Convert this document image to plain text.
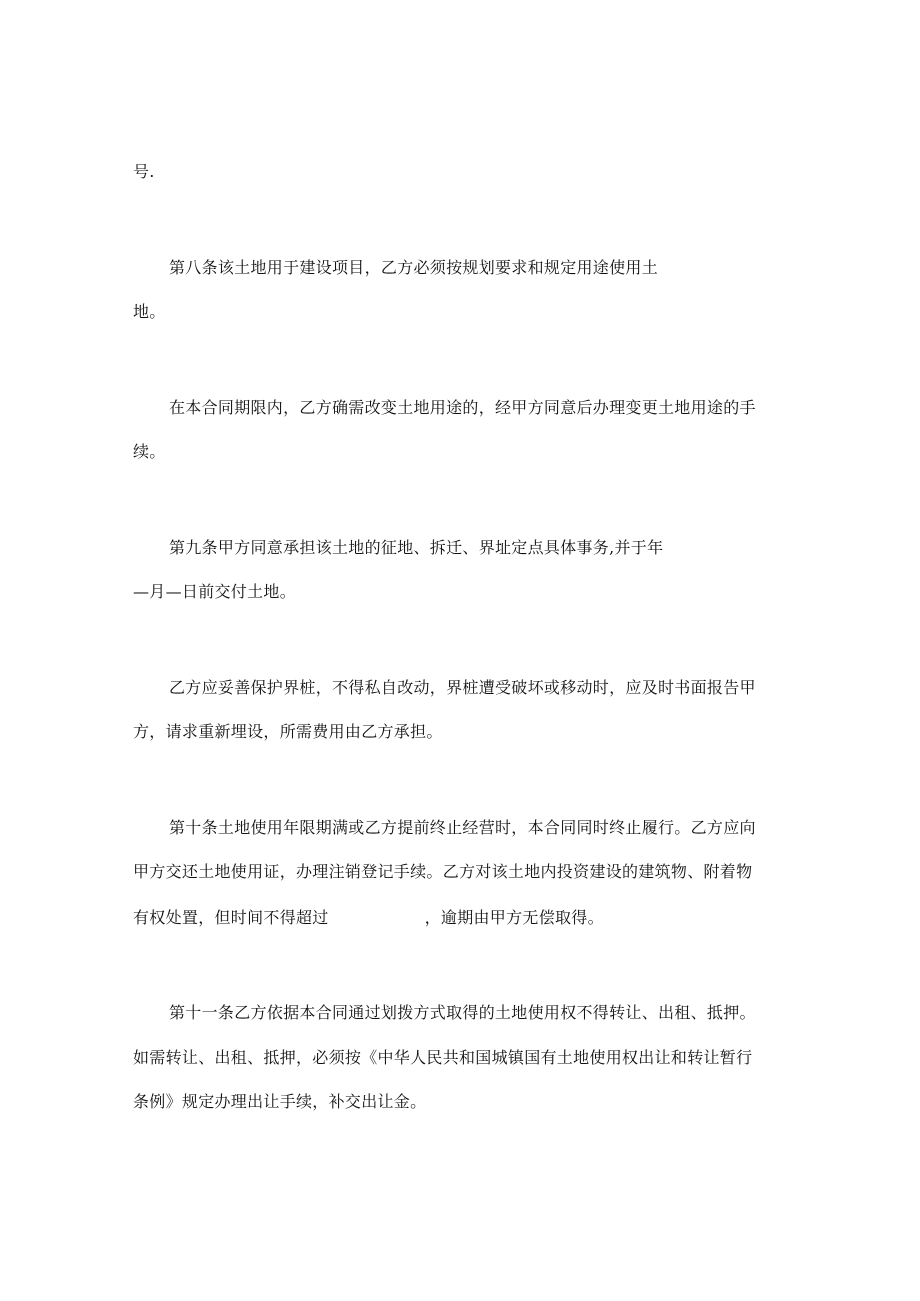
号.
第八条该土地用于建设项目，乙方必须按规划要求和规定用途使用土
地。
在本合同期限内，乙方确需改变土地用途的，经甲方同意后办理变更土地用途的手
续。
第九条甲方同意承担该土地的征地、拆迁、界址定点具体事务,并于年
—月—日前交付土地。
乙方应妥善保护界桩，不得私自改动，界桩遭受破坏或移动时，应及时书面报告甲
方，请求重新埋设，所需费用由乙方承担。
第十条土地使用年限期满或乙方提前终止经营时，本合同同时终止履行。乙方应向
甲方交还土地使用证，办理注销登记手续。乙方对该土地内投资建设的建筑物、附着物
有权处置，但时间不得超过	，逾期由甲方无偿取得。
第十一条乙方依据本合同通过划拨方式取得的土地使用权不得转让、出租、抵押。
如需转让、出租、抵押，必须按《中华人民共和国城镇国有土地使用权出让和转让暂行
条例》规定办理出让手续，补交出让金。
